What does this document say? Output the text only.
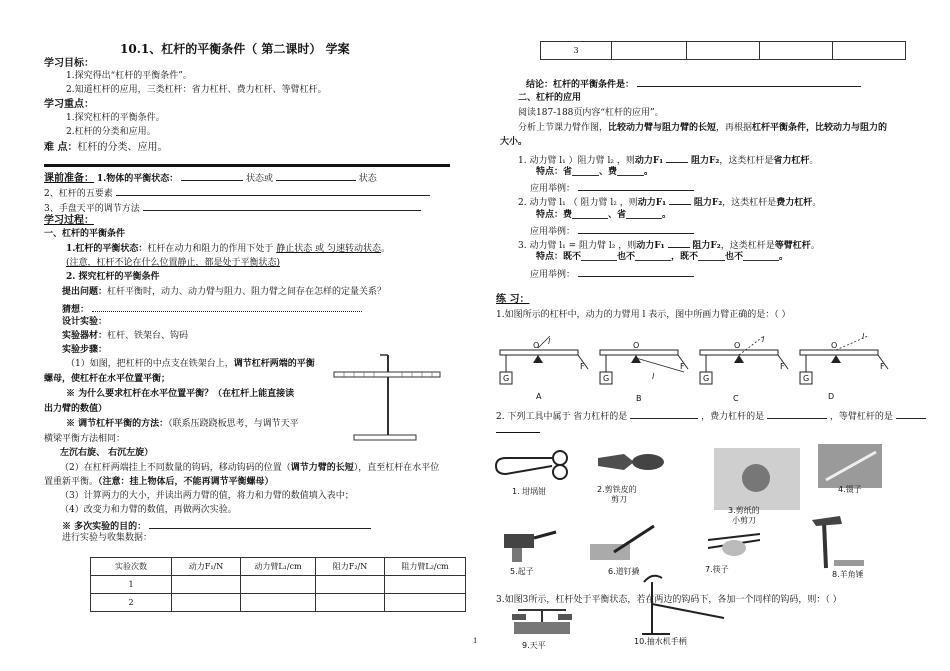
10.1、杠杆的平衡条件（ 第二课时） 学案
学习目标：
1.探究得出“杠杆的平衡条件”。
2.知道杠杆的应用，三类杠杆：省力杠杆、费力杠杆、等臂杠杆。
学习重点：
1.探究杠杆的平衡条件。
2.杠杆的分类和应用。
难 点：杠杆的分类、应用。
课前准备： 1.物体的平衡状态：	状态或	状态
2、杠杆的五要素
3、手盘天平的调节方法
学习过程：
一、杠杆的平衡条件
1.杠杆的平衡状态：杠杆在动力和阻力的作用下处于 静止状态 或 匀速转动状态。
(注意，杠杆不论在什么位置静止，都是处于平衡状态)
2. 探究杠杆的平衡条件
提出问题：杠杆平衡时，动力、动力臂与阻力、阻力臂之间存在怎样的定量关系？
猜想：
设计实验：
实验器材：杠杆、铁架台、钩码
实验步骤：
（1）如图，把杠杆的中点支在铁架台上，调节杠杆两端的平衡
螺母，使杠杆在水平位置平衡；
※ 为什么要求杠杆在水平位置平衡？（在杠杆上能直接读
出力臂的数值）
※ 调节杠杆平衡的方法：（联系压跷跷板思考，与调节天平
横梁平衡方法相同：
左沉右旋、 右沉左旋）
（2）在杠杆两端挂上不同数量的钩码，移动钩码的位置（调节力臂的长短），直至杠杆在水平位
置重新平衡。（注意：挂上物体后，不能再调节平衡螺母）
（3）计算两力的大小，并读出两力臂的值，将力和力臂的数值填入表中；
（4）改变力和力臂的数值，再做两次实验。
※ 多次实验的目的：
进行实验与收集数据：
实验次数	动力F₁/N	动力臂L₁/cm	阻力F₂/N	阻力臂L₂/cm
1				
2				
1
3				
结论：杠杆的平衡条件是：
二、杠杆的应用
阅读187-188页内容“杠杆的应用”。
分析上节课力臂作图，比较动力臂与阻力臂的长短，再根据杠杆平衡条件，比较动力与阻力的
大小。
1. 动力臂 l₁ ）阻力臂 l₂ ，则动力F₁	阻力F₂，这类杠杆是省力杠杆。
特点：省______、费______。
应用举例：
2. 动力臂 l₁ （ 阻力臂 l₂ ，则动力F₁	阻力F₂，这类杠杆是费力杠杆。
特点：费________、省________。
应用举例：
3. 动力臂 l₁ = 阻力臂 l₂ ，则动力F₁	阻力F₂，这类杠杆是等臂杠杆。
特点：既不________也不________，既不______也不________。
应用举例：
练 习：
1.如图所示的杠杆中，动力的力臂用 l 表示，图中所画力臂正确的是：（ ）
O	O	O	O
G	G	G	G
F	F	F	F
l
l
l	l
A	B	C	D
2. 下列工具中属于 省力杠杆的是	，费力杠杆的是	，等臂杠杆的是
1. 坩埚钳	2.剪铁皮的
剪刀
3.剪纸的
小剪刀
4.镊子
5.起子	6.道钉撬	7.筷子
8.羊角锤
3.如图3所示，杠杆处于平衡状态，若在两边的钩码下，各加一个同样的钩码，则：（ ）
9.天平	10.抽水机手柄
